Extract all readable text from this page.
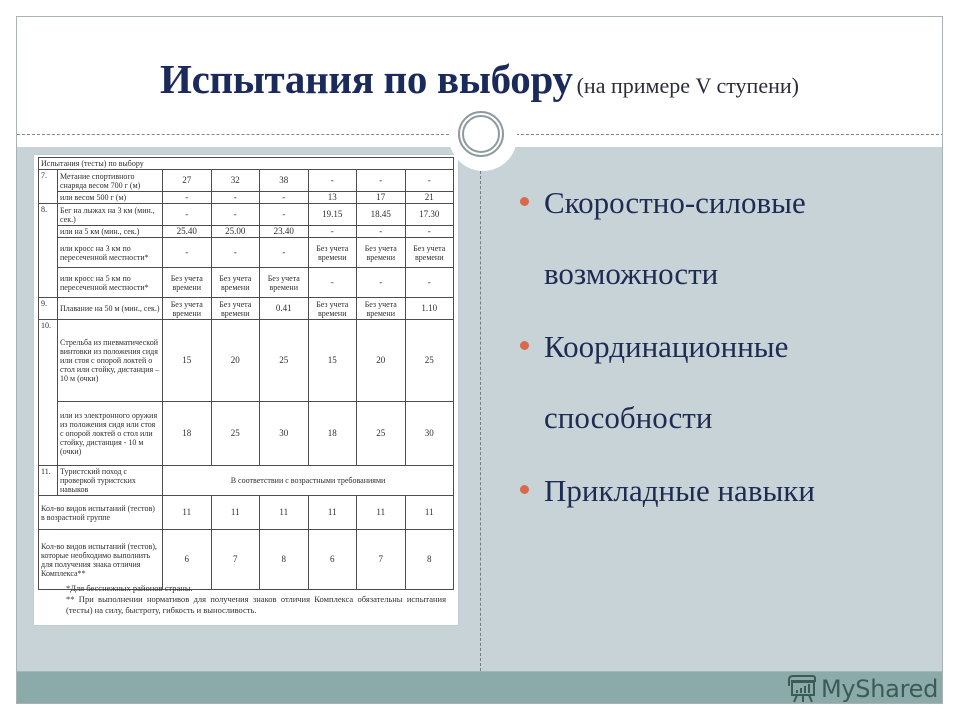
Испытания по выбору (на примере V ступени)
Испытания (тесты) по выбору							
7.	Метание спортивного снаряда весом 700 г (м)	27	32	38	-	-	-
	или весом 500 г (м)	-	-	-	13	17	21
8.	Бег на лыжах на 3 км (мин., сек.)	-	-	-	19.15	18.45	17.30
	или на 5 км (мин., сек.)	25.40	25.00	23.40	-	-	-
	или кросс на 3 км по пересеченной местности*	-	-	-	Без учета времени	Без учета времени	Без учета времени
	или кросс на 5 км по пересеченной местности*	Без учета времени	Без учета времени	Без учета времени	-	-	-
9.	Плавание на 50 м (мин., сек.)	Без учета времени	Без учета времени	0.41	Без учета времени	Без учета времени	1.10
10.	Стрельба из пневматической винтовки из положения сидя или стоя с опорой локтей о стол или стойку, дистанция – 10 м (очки)	15	20	25	15	20	25
	или из электронного оружия из положения сидя или стоя с опорой локтей о стол или стойку, дистанция - 10 м (очки)	18	25	30	18	25	30
11.	Туристский поход с проверкой туристских навыков	В соответствии с возрастными требованиями					
Кол-во видов испытаний (тестов) в возрастной группе		11	11	11	11	11	11
Кол-во видов испытаний (тестов), которые необходимо выполнить для получения знака отличия Комплекса**		6	7	8	6	7	8
*Для бесснежных районов страны.
** При выполнении нормативов для получения знаков отличия Комплекса обязательны испытания (тесты) на силу, быстроту, гибкость и выносливость.
Скоростно-силовые
возможности
Координационные
способности
Прикладные навыки
MyShared
